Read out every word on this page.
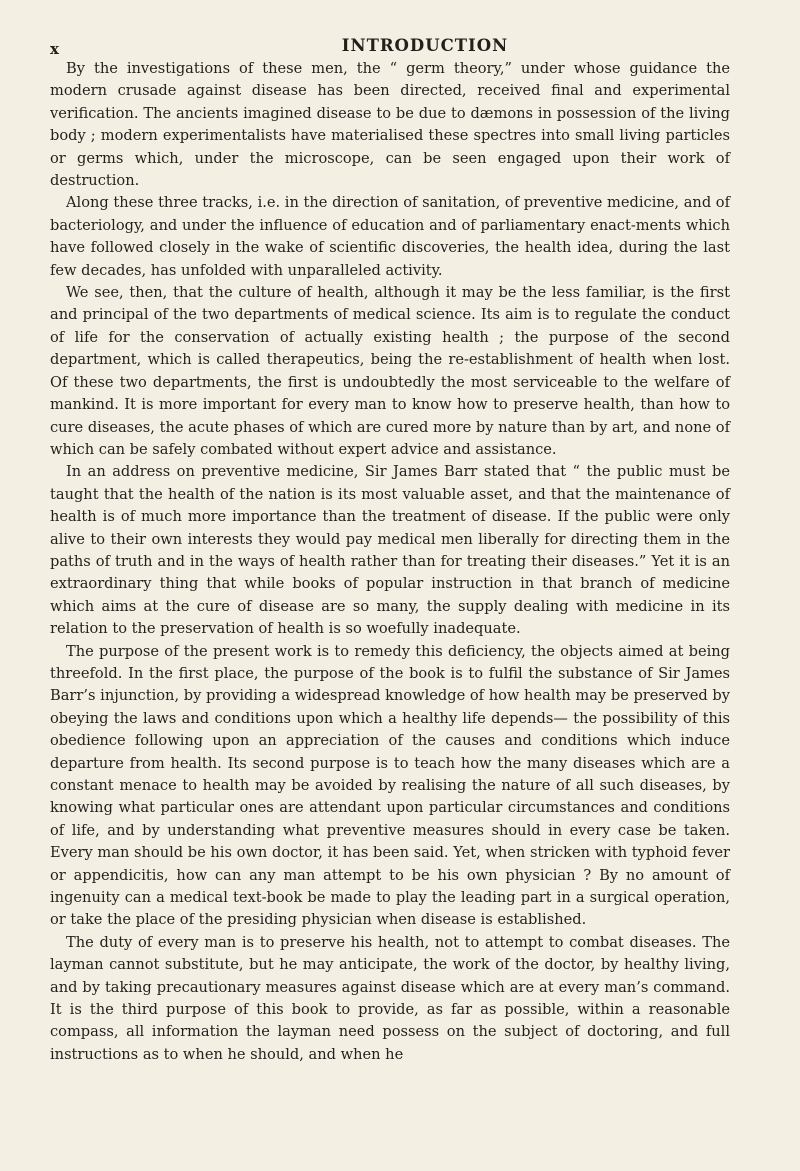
x	INTRODUCTION

By the investigations of these men, the “ germ theory,” under whose guidance the modern crusade against disease has been directed, received final and experimental verification. The ancients imagined disease to be due to dæmons in possession of the living body ; modern experimentalists have materialised these spectres into small living particles or germs which, under the microscope, can be seen engaged upon their work of destruction.

Along these three tracks, i.e. in the direction of sanitation, of preventive medicine, and of bacteriology, and under the influence of education and of parliamentary enact-ments which have followed closely in the wake of scientific discoveries, the health idea, during the last few decades, has unfolded with unparalleled activity.

We see, then, that the culture of health, although it may be the less familiar, is the first and principal of the two departments of medical science. Its aim is to regulate the conduct of life for the conservation of actually existing health ; the purpose of the second department, which is called therapeutics, being the re-establishment of health when lost. Of these two departments, the first is undoubtedly the most serviceable to the welfare of mankind. It is more important for every man to know how to preserve health, than how to cure diseases, the acute phases of which are cured more by nature than by art, and none of which can be safely combated without expert advice and assistance.

In an address on preventive medicine, Sir James Barr stated that “ the public must be taught that the health of the nation is its most valuable asset, and that the maintenance of health is of much more importance than the treatment of disease. If the public were only alive to their own interests they would pay medical men liberally for directing them in the paths of truth and in the ways of health rather than for treating their diseases.” Yet it is an extraordinary thing that while books of popular instruction in that branch of medicine which aims at the cure of disease are so many, the supply dealing with medicine in its relation to the preservation of health is so woefully inadequate.

The purpose of the present work is to remedy this deficiency, the objects aimed at being threefold. In the first place, the purpose of the book is to fulfil the substance of Sir James Barr’s injunction, by providing a widespread knowledge of how health may be preserved by obeying the laws and conditions upon which a healthy life depends— the possibility of this obedience following upon an appreciation of the causes and conditions which induce departure from health. Its second purpose is to teach how the many diseases which are a constant menace to health may be avoided by realising the nature of all such diseases, by knowing what particular ones are attendant upon particular circumstances and conditions of life, and by understanding what preventive measures should in every case be taken. Every man should be his own doctor, it has been said. Yet, when stricken with typhoid fever or appendicitis, how can any man attempt to be his own physician ? By no amount of ingenuity can a medical text-book be made to play the leading part in a surgical operation, or take the place of the presiding physician when disease is established.

The duty of every man is to preserve his health, not to attempt to combat diseases. The layman cannot substitute, but he may anticipate, the work of the doctor, by healthy living, and by taking precautionary measures against disease which are at every man’s command. It is the third purpose of this book to provide, as far as possible, within a reasonable compass, all information the layman need possess on the subject of doctoring, and full instructions as to when he should, and when he
